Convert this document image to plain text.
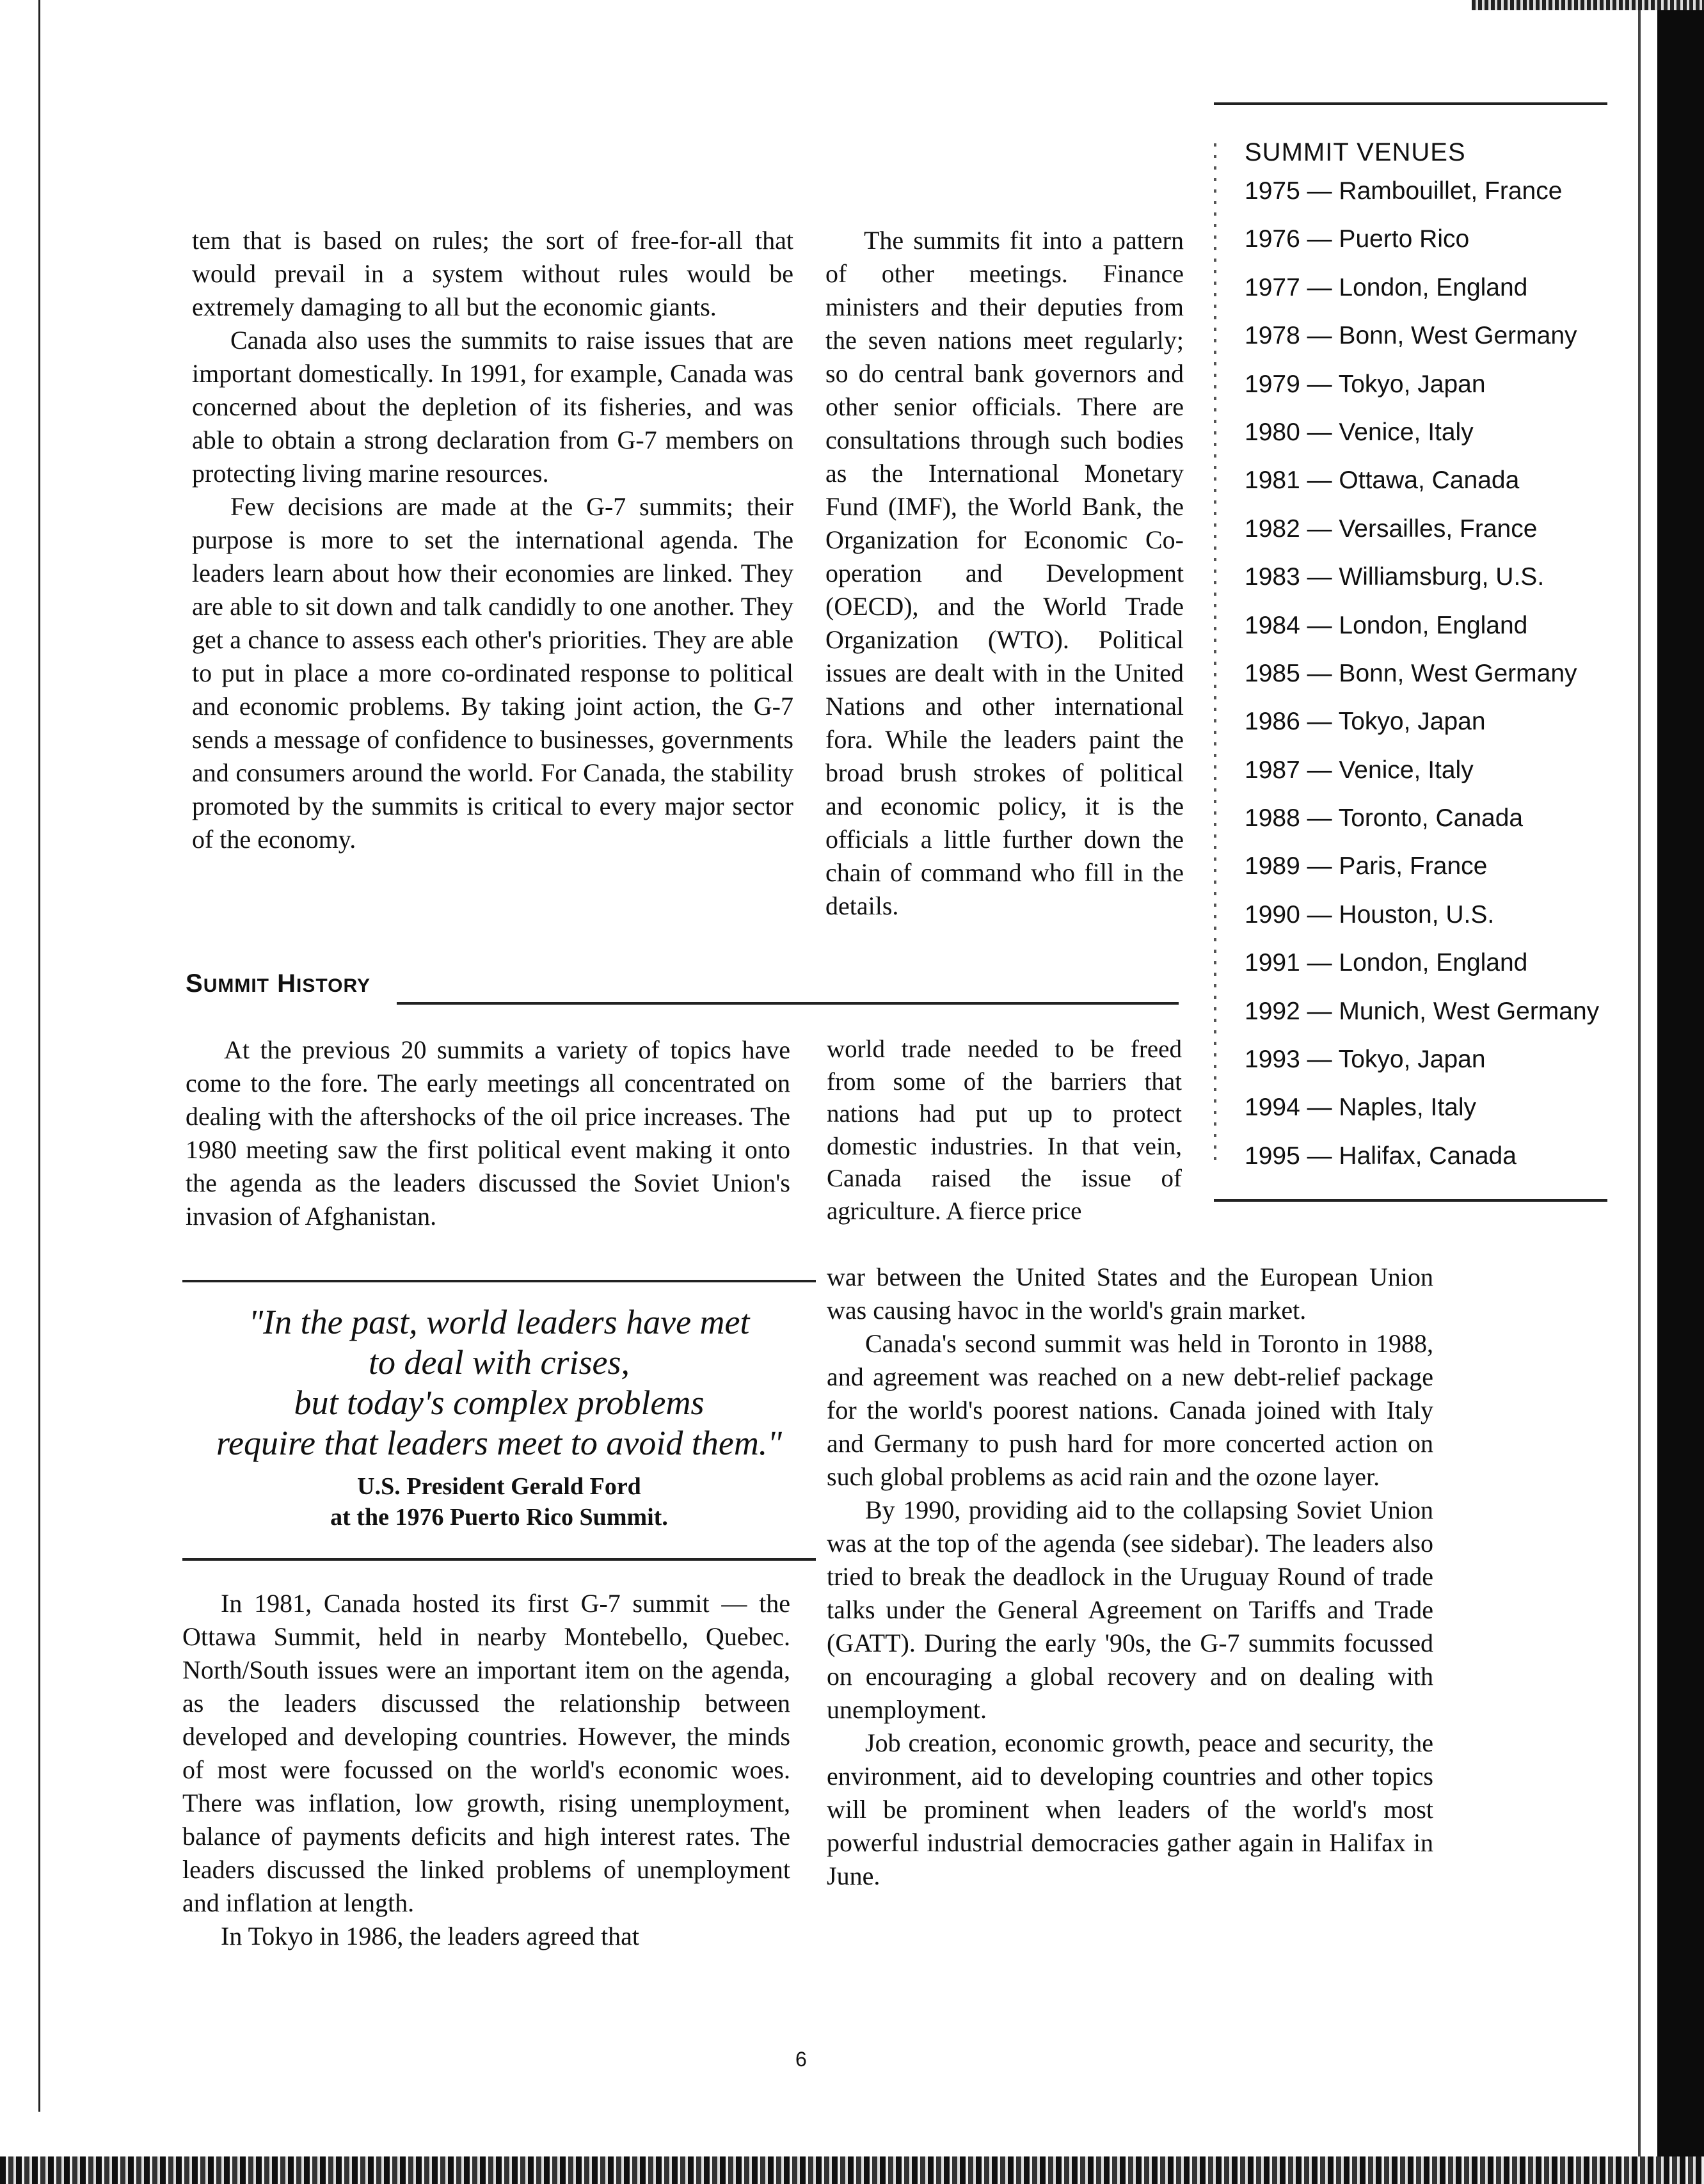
tem that is based on rules; the sort of free-for-all that would prevail in a system without rules would be extremely damaging to all but the economic giants.

Canada also uses the summits to raise issues that are important domestically. In 1991, for example, Canada was concerned about the depletion of its fisheries, and was able to obtain a strong declaration from G-7 members on protecting living marine resources.

Few decisions are made at the G-7 summits; their purpose is more to set the international agenda. The leaders learn about how their economies are linked. They are able to sit down and talk candidly to one another. They get a chance to assess each other's priorities. They are able to put in place a more co-ordinated response to political and economic problems. By taking joint action, the G-7 sends a message of confidence to businesses, governments and consumers around the world. For Canada, the stability promoted by the summits is critical to every major sector of the economy.

The summits fit into a pattern of other meetings. Finance ministers and their deputies from the seven nations meet regularly; so do central bank governors and other senior officials. There are consultations through such bodies as the International Monetary Fund (IMF), the World Bank, the Organization for Economic Co-operation and Development (OECD), and the World Trade Organization (WTO). Political issues are dealt with in the United Nations and other international fora. While the leaders paint the broad brush strokes of political and economic policy, it is the officials a little further down the chain of command who fill in the details.

SUMMIT VENUES
1975 — Rambouillet, France
1976 — Puerto Rico
1977 — London, England
1978 — Bonn, West Germany
1979 — Tokyo, Japan
1980 — Venice, Italy
1981 — Ottawa, Canada
1982 — Versailles, France
1983 — Williamsburg, U.S.
1984 — London, England
1985 — Bonn, West Germany
1986 — Tokyo, Japan
1987 — Venice, Italy
1988 — Toronto, Canada
1989 — Paris, France
1990 — Houston, U.S.
1991 — London, England
1992 — Munich, West Germany
1993 — Tokyo, Japan
1994 — Naples, Italy
1995 — Halifax, Canada
SUMMIT HISTORY

At the previous 20 summits a variety of topics have come to the fore. The early meetings all concentrated on dealing with the aftershocks of the oil price increases. The 1980 meeting saw the first political event making it onto the agenda as the leaders discussed the Soviet Union's invasion of Afghanistan.

"In the past, world leaders have met
to deal with crises,
but today's complex problems
require that leaders meet to avoid them."
U.S. President Gerald Ford
at the 1976 Puerto Rico Summit.

In 1981, Canada hosted its first G-7 summit — the Ottawa Summit, held in nearby Montebello, Quebec. North/South issues were an important item on the agenda, as the leaders discussed the relationship between developed and developing countries. However, the minds of most were focussed on the world's economic woes. There was inflation, low growth, rising unemployment, balance of payments deficits and high interest rates. The leaders discussed the linked problems of unemployment and inflation at length.

In Tokyo in 1986, the leaders agreed that

world trade needed to be freed from some of the barriers that nations had put up to protect domestic industries. In that vein, Canada raised the issue of agriculture. A fierce price

war between the United States and the European Union was causing havoc in the world's grain market.

Canada's second summit was held in Toronto in 1988, and agreement was reached on a new debt-relief package for the world's poorest nations. Canada joined with Italy and Germany to push hard for more concerted action on such global problems as acid rain and the ozone layer.

By 1990, providing aid to the collapsing Soviet Union was at the top of the agenda (see sidebar). The leaders also tried to break the deadlock in the Uruguay Round of trade talks under the General Agreement on Tariffs and Trade (GATT). During the early '90s, the G-7 summits focussed on encouraging a global recovery and on dealing with unemployment.

Job creation, economic growth, peace and security, the environment, aid to developing countries and other topics will be prominent when leaders of the world's most powerful industrial democracies gather again in Halifax in June.

6
